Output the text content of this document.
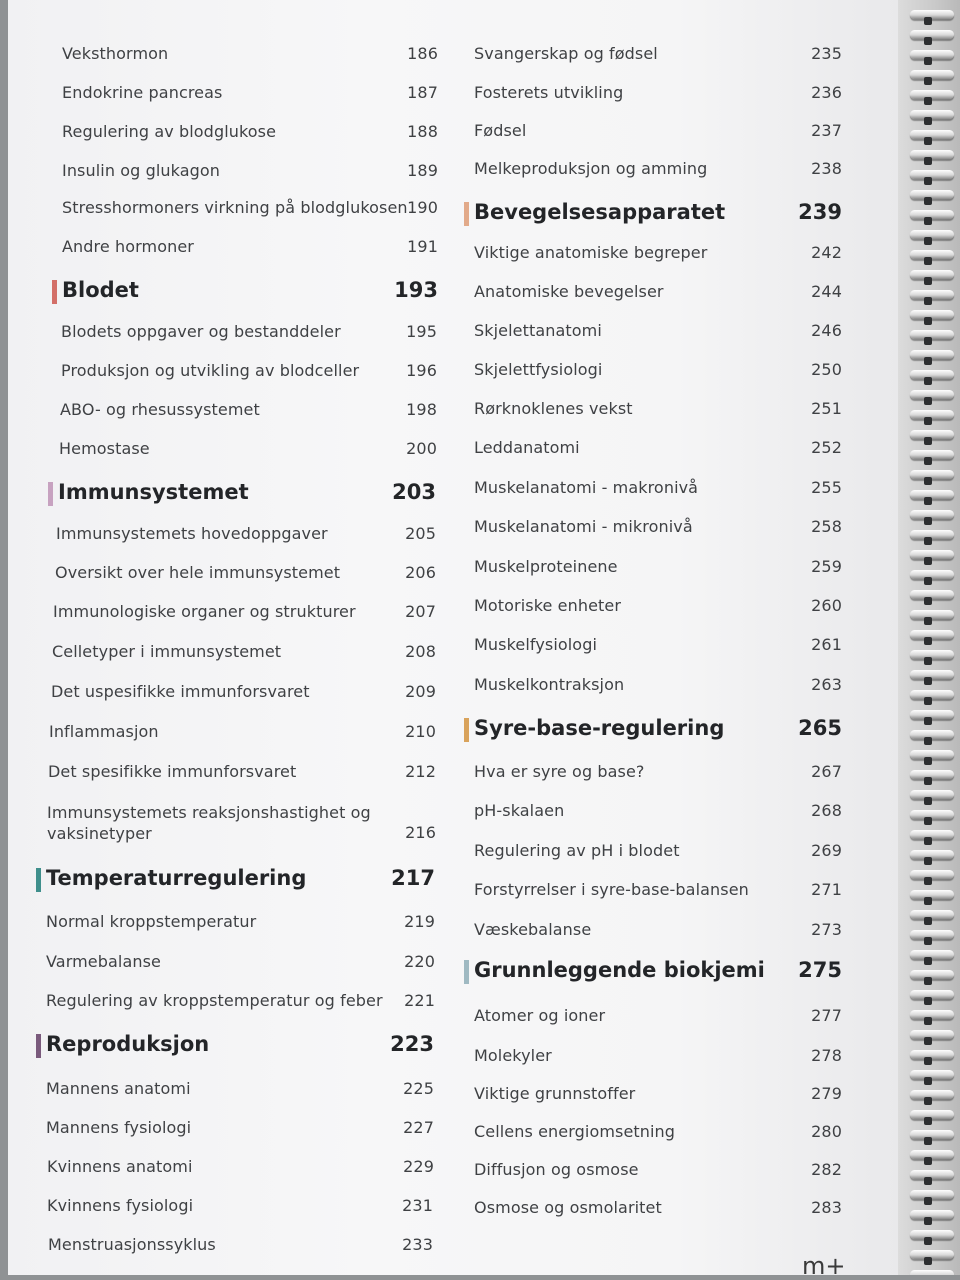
Veksthormon	186
Endokrine pancreas	187
Regulering av blodglukose	188
Insulin og glukagon	189
Stresshormoners virkning på blodglukosen 190
Andre hormoner	191
Blodet	193
Blodets oppgaver og bestanddeler	195
Produksjon og utvikling av blodceller	196
ABO- og rhesussystemet	198
Hemostase	200
Immunsystemet	203
Immunsystemets hovedoppgaver	205
Oversikt over hele immunsystemet	206
Immunologiske organer og strukturer	207
Celletyper i immunsystemet	208
Det uspesifikke immunforsvaret	209
Inflammasjon	210
Det spesifikke immunforsvaret	212
Immunsystemets reaksjonshastighet og vaksinetyper	216
Temperaturregulering	217
Normal kroppstemperatur	219
Varmebalanse	220
Regulering av kroppstemperatur og feber 221
Reproduksjon	223
Mannens anatomi	225
Mannens fysiologi	227
Kvinnens anatomi	229
Kvinnens fysiologi	231
Menstruasjonssyklus	233
Svangerskap og fødsel	235
Fosterets utvikling	236
Fødsel	237
Melkeproduksjon og amming	238
Bevegelsesapparatet	239
Viktige anatomiske begreper	242
Anatomiske bevegelser	244
Skjelettanatomi	246
Skjelettfysiologi	250
Rørknoklenes vekst	251
Leddanatomi	252
Muskelanatomi - makronivå	255
Muskelanatomi - mikronivå	258
Muskelproteinene	259
Motoriske enheter	260
Muskelfysiologi	261
Muskelkontraksjon	263
Syre-base-regulering	265
Hva er syre og base?	267
pH-skalaen	268
Regulering av pH i blodet	269
Forstyrrelser i syre-base-balansen	271
Væskebalanse	273
Grunnleggende biokjemi 275
Atomer og ioner	277
Molekyler	278
Viktige grunnstoffer	279
Cellens energiomsetning	280
Diffusjon og osmose	282
Osmose og osmolaritet	283
m+
